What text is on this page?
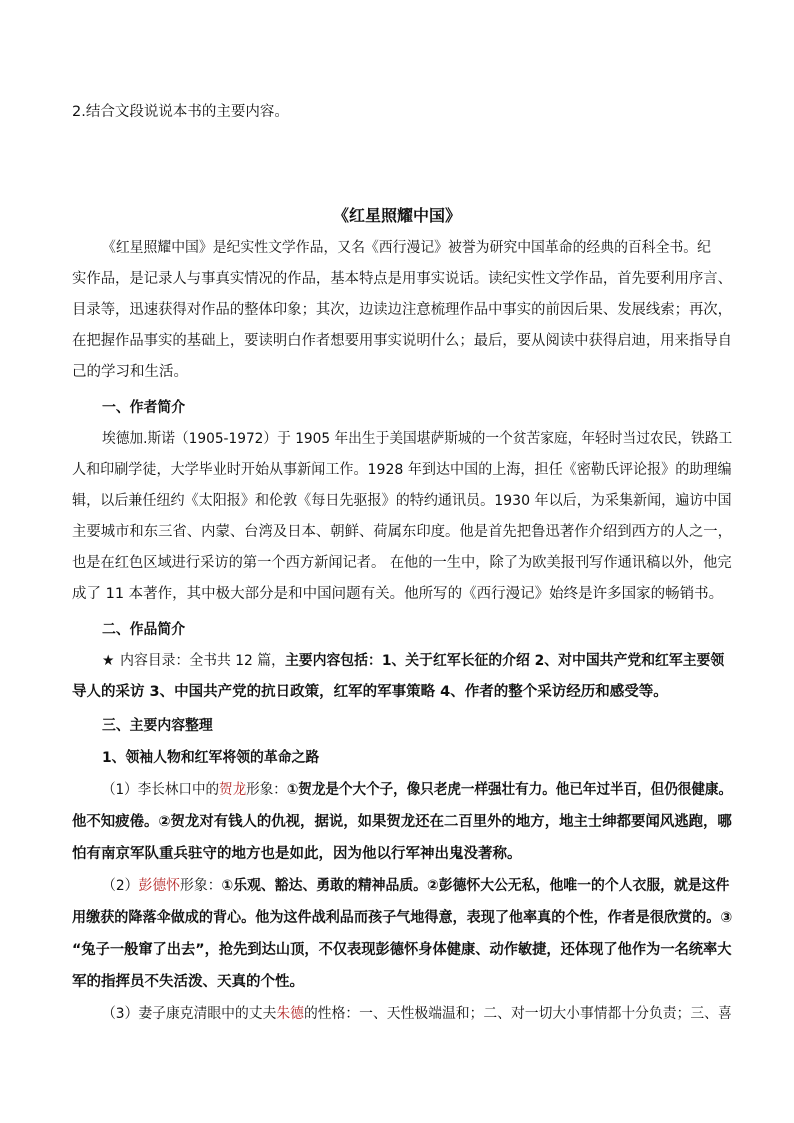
2.结合文段说说本书的主要内容。
《红星照耀中国》
《红星照耀中国》是纪实性文学作品，又名《西行漫记》被誉为研究中国革命的经典的百科全书。纪
实作品，是记录人与事真实情况的作品，基本特点是用事实说话。读纪实性文学作品，首先要利用序言、
目录等，迅速获得对作品的整体印象；其次，边读边注意梳理作品中事实的前因后果、发展线索；再次，
在把握作品事实的基础上，要读明白作者想要用事实说明什么；最后，要从阅读中获得启迪，用来指导自
己的学习和生活。
一、作者简介
埃德加.斯诺（1905-1972）于 1905 年出生于美国堪萨斯城的一个贫苦家庭，年轻时当过农民，铁路工
人和印刷学徒，大学毕业时开始从事新闻工作。1928 年到达中国的上海，担任《密勒氏评论报》的助理编
辑，以后兼任纽约《太阳报》和伦敦《每日先驱报》的特约通讯员。1930 年以后，为采集新闻，遍访中国
主要城市和东三省、内蒙、台湾及日本、朝鲜、荷属东印度。他是首先把鲁迅著作介绍到西方的人之一，
也是在红色区域进行采访的第一个西方新闻记者。 在他的一生中，除了为欧美报刊写作通讯稿以外，他完
成了 11 本著作，其中极大部分是和中国问题有关。他所写的《西行漫记》始终是许多国家的畅销书。
二、作品简介
★ 内容目录：全书共 12 篇，主要内容包括：1、关于红军长征的介绍 2、对中国共产党和红军主要领
导人的采访 3、中国共产党的抗日政策，红军的军事策略 4、作者的整个采访经历和感受等。
三、主要内容整理
1、领袖人物和红军将领的革命之路
（1）李长林口中的贺龙形象：①贺龙是个大个子，像只老虎一样强壮有力。他已年过半百，但仍很健康。
他不知疲倦。②贺龙对有钱人的仇视，据说，如果贺龙还在二百里外的地方，地主士绅都要闻风逃跑，哪
怕有南京军队重兵驻守的地方也是如此，因为他以行军神出鬼没著称。
（2）彭德怀形象：①乐观、豁达、勇敢的精神品质。②彭德怀大公无私，他唯一的个人衣服，就是这件
用缴获的降落伞做成的背心。他为这件战利品而孩子气地得意，表现了他率真的个性，作者是很欣赏的。③
“兔子一般窜了出去”，抢先到达山顶，不仅表现彭德怀身体健康、动作敏捷，还体现了他作为一名统率大
军的指挥员不失活泼、天真的个性。
（3）妻子康克清眼中的丈夫朱德的性格：一、天性极端温和；二、对一切大小事情都十分负责；三、喜
